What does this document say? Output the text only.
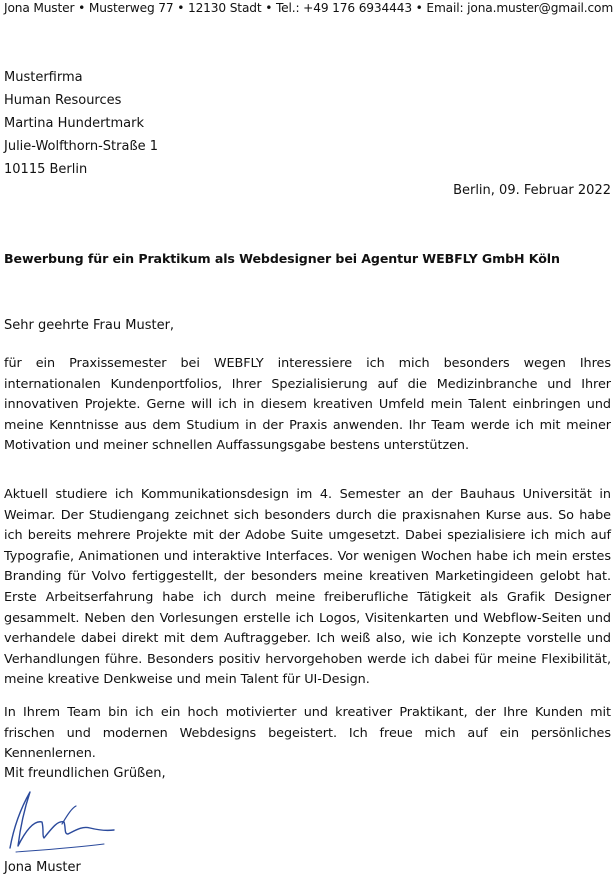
Jona Muster • Musterweg 77 • 12130 Stadt • Tel.: +49 176 6934443 • Email: jona.muster@gmail.com
Musterfirma
Human Resources
Martina Hundertmark
Julie-Wolfthorn-Straße 1
10115 Berlin
Berlin, 09. Februar 2022
Bewerbung für ein Praktikum als Webdesigner bei Agentur WEBFLY GmbH Köln
Sehr geehrte Frau Muster,
für ein Praxissemester bei WEBFLY interessiere ich mich besonders wegen Ihres internationalen Kundenportfolios, Ihrer Spezialisierung auf die Medizinbranche und Ihrer innovativen Projekte. Gerne will ich in diesem kreativen Umfeld mein Talent einbringen und meine Kenntnisse aus dem Studium in der Praxis anwenden. Ihr Team werde ich mit meiner Motivation und meiner schnellen Auffassungsgabe bestens unterstützen.
Aktuell studiere ich Kommunikationsdesign im 4. Semester an der Bauhaus Universität in Weimar. Der Studiengang zeichnet sich besonders durch die praxisnahen Kurse aus. So habe ich bereits mehrere Projekte mit der Adobe Suite umgesetzt. Dabei spezialisiere ich mich auf Typografie, Animationen und interaktive Interfaces. Vor wenigen Wochen habe ich mein erstes Branding für Volvo fertiggestellt, der besonders meine kreativen Marketingideen gelobt hat. Erste Arbeitserfahrung habe ich durch meine freiberufliche Tätigkeit als Grafik Designer gesammelt. Neben den Vorlesungen erstelle ich Logos, Visitenkarten und Webflow-Seiten und verhandele dabei direkt mit dem Auftraggeber. Ich weiß also, wie ich Konzepte vorstelle und Verhandlungen führe. Besonders positiv hervorgehoben werde ich dabei für meine Flexibilität, meine kreative Denkweise und mein Talent für UI-Design.
In Ihrem Team bin ich ein hoch motivierter und kreativer Praktikant, der Ihre Kunden mit frischen und modernen Webdesigns begeistert. Ich freue mich auf ein persönliches Kennenlernen.
Mit freundlichen Grüßen,
Jona Muster
